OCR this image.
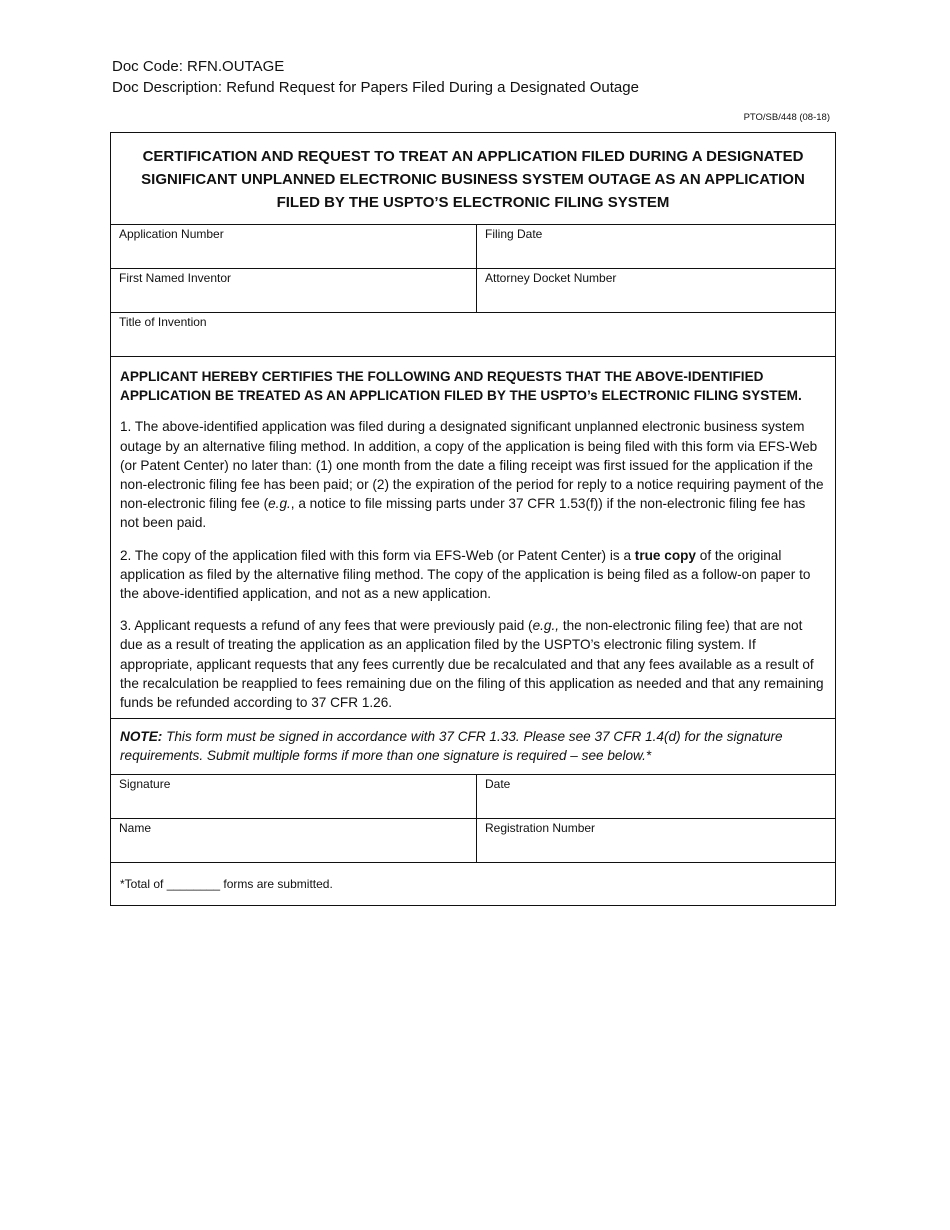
Doc Code: RFN.OUTAGE
Doc Description: Refund Request for Papers Filed During a Designated Outage
PTO/SB/448 (08-18)
CERTIFICATION AND REQUEST TO TREAT AN APPLICATION FILED DURING A DESIGNATED SIGNIFICANT UNPLANNED ELECTRONIC BUSINESS SYSTEM OUTAGE AS AN APPLICATION FILED BY THE USPTO’S ELECTRONIC FILING SYSTEM
Application Number	Filing Date
First Named Inventor	Attorney Docket Number
Title of Invention
APPLICANT HEREBY CERTIFIES THE FOLLOWING AND REQUESTS THAT THE ABOVE-IDENTIFIED APPLICATION BE TREATED AS AN APPLICATION FILED BY THE USPTO’s ELECTRONIC FILING SYSTEM.

1. The above-identified application was filed during a designated significant unplanned electronic business system outage by an alternative filing method. In addition, a copy of the application is being filed with this form via EFS-Web (or Patent Center) no later than: (1) one month from the date a filing receipt was first issued for the application if the non-electronic filing fee has been paid; or (2) the expiration of the period for reply to a notice requiring payment of the non-electronic filing fee (e.g., a notice to file missing parts under 37 CFR 1.53(f)) if the non-electronic filing fee has not been paid.

2. The copy of the application filed with this form via EFS-Web (or Patent Center) is a true copy of the original application as filed by the alternative filing method. The copy of the application is being filed as a follow-on paper to the above-identified application, and not as a new application.

3. Applicant requests a refund of any fees that were previously paid (e.g., the non-electronic filing fee) that are not due as a result of treating the application as an application filed by the USPTO’s electronic filing system. If appropriate, applicant requests that any fees currently due be recalculated and that any fees available as a result of the recalculation be reapplied to fees remaining due on the filing of this application as needed and that any remaining funds be refunded according to 37 CFR 1.26.

NOTE: This form must be signed in accordance with 37 CFR 1.33. Please see 37 CFR 1.4(d) for the signature requirements. Submit multiple forms if more than one signature is required – see below.*
Signature	Date
Name	Registration Number
*Total of ________ forms are submitted.
